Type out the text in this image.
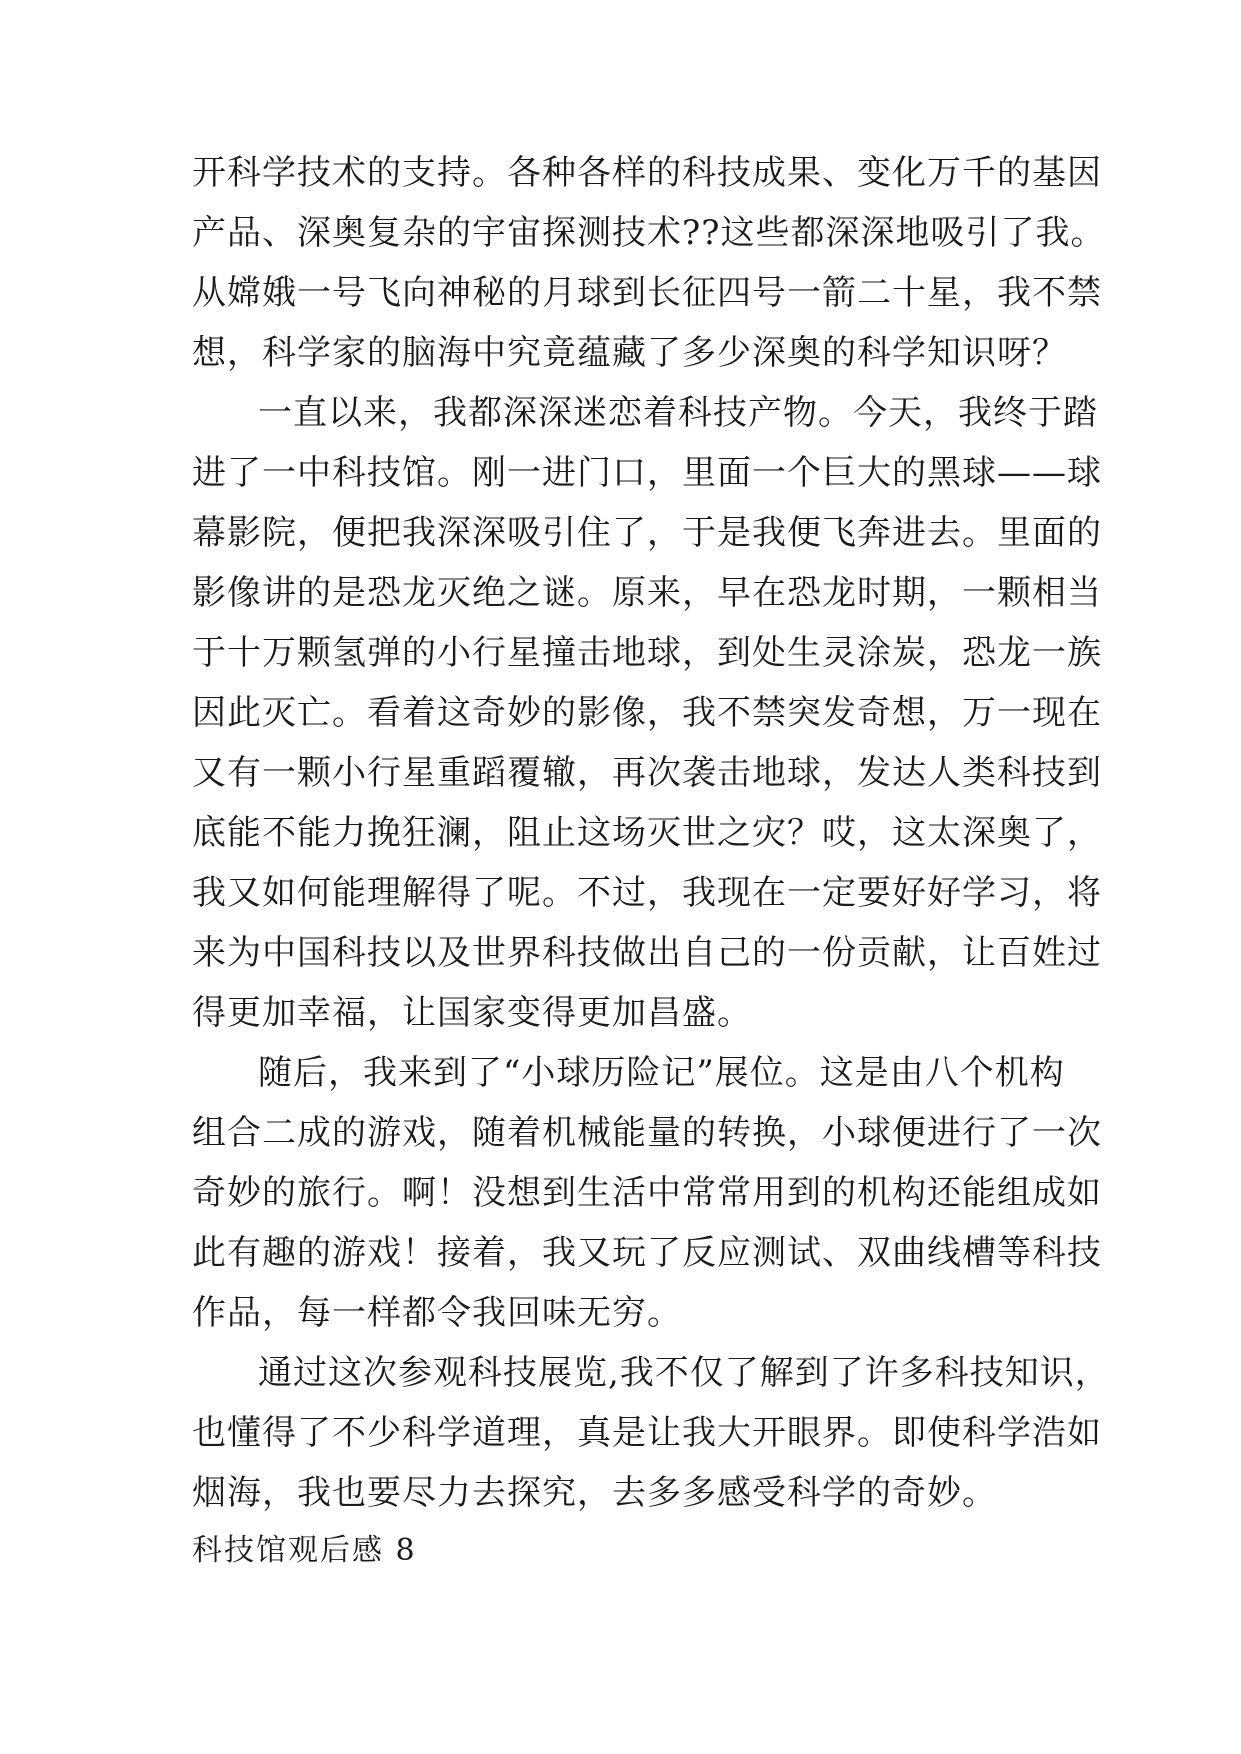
开科学技术的支持。各种各样的科技成果、变化万千的基因
产品、深奥复杂的宇宙探测技术??这些都深深地吸引了我。
从嫦娥一号飞向神秘的月球到长征四号一箭二十星，我不禁
想，科学家的脑海中究竟蕴藏了多少深奥的科学知识呀？
一直以来，我都深深迷恋着科技产物。今天，我终于踏
进了一中科技馆。刚一进门口，里面一个巨大的黑球——球
幕影院，便把我深深吸引住了，于是我便飞奔进去。里面的
影像讲的是恐龙灭绝之谜。原来，早在恐龙时期，一颗相当
于十万颗氢弹的小行星撞击地球，到处生灵涂炭，恐龙一族
因此灭亡。看着这奇妙的影像，我不禁突发奇想，万一现在
又有一颗小行星重蹈覆辙，再次袭击地球，发达人类科技到
底能不能力挽狂澜，阻止这场灭世之灾？哎，这太深奥了，
我又如何能理解得了呢。不过，我现在一定要好好学习，将
来为中国科技以及世界科技做出自己的一份贡献，让百姓过
得更加幸福，让国家变得更加昌盛。
随后，我来到了“小球历险记”展位。这是由八个机构
组合二成的游戏，随着机械能量的转换，小球便进行了一次
奇妙的旅行。啊！没想到生活中常常用到的机构还能组成如
此有趣的游戏！接着，我又玩了反应测试、双曲线槽等科技
作品，每一样都令我回味无穷。
通过这次参观科技展览,我不仅了解到了许多科技知识，
也懂得了不少科学道理，真是让我大开眼界。即使科学浩如
烟海，我也要尽力去探究，去多多感受科学的奇妙。
科技馆观后感 8
